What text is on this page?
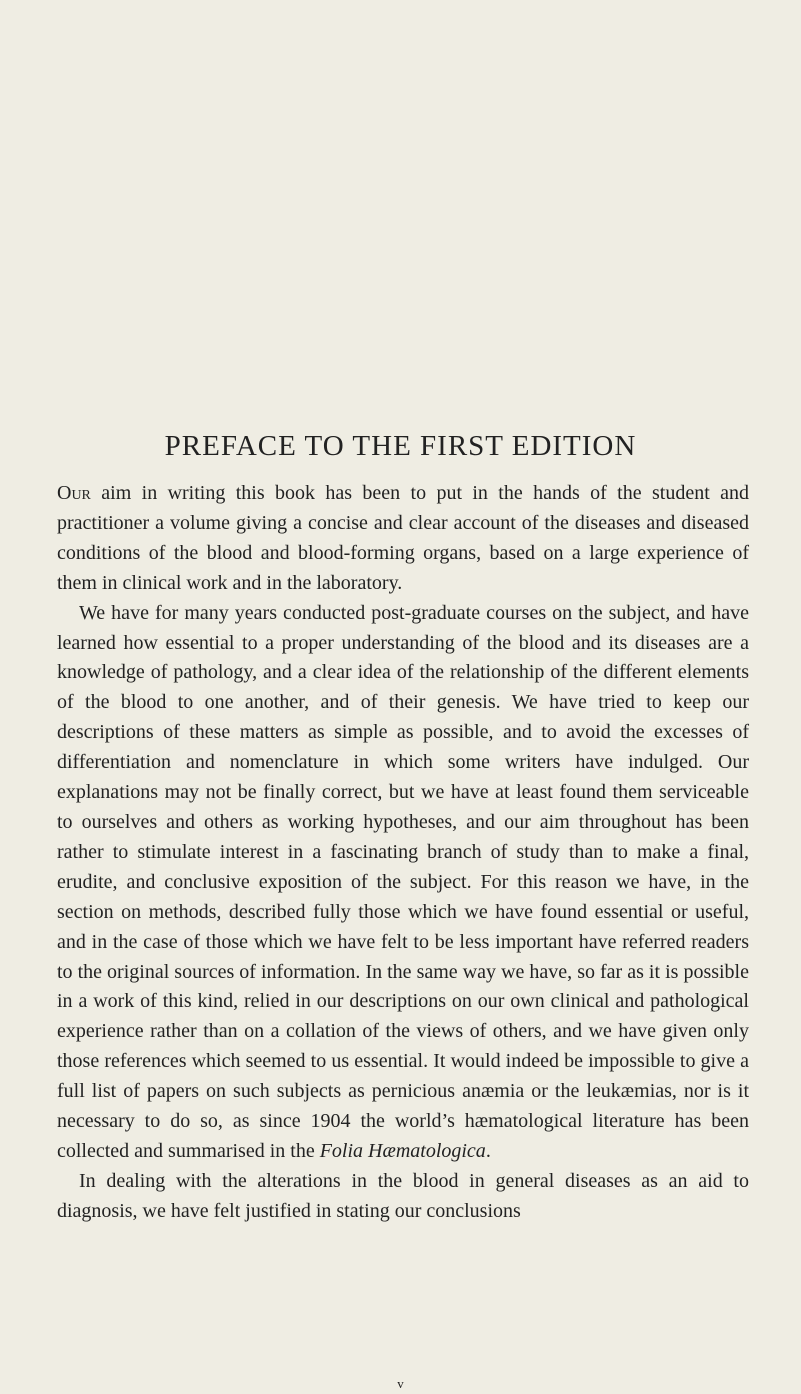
PREFACE TO THE FIRST EDITION

Our aim in writing this book has been to put in the hands of the student and practitioner a volume giving a concise and clear account of the diseases and diseased conditions of the blood and blood-forming organs, based on a large experience of them in clinical work and in the laboratory.

We have for many years conducted post-graduate courses on the subject, and have learned how essential to a proper understanding of the blood and its diseases are a knowledge of pathology, and a clear idea of the relationship of the different elements of the blood to one another, and of their genesis. We have tried to keep our descriptions of these matters as simple as possible, and to avoid the excesses of differentiation and nomenclature in which some writers have indulged. Our explanations may not be finally correct, but we have at least found them serviceable to ourselves and others as working hypotheses, and our aim throughout has been rather to stimulate interest in a fascinating branch of study than to make a final, erudite, and conclusive exposition of the subject. For this reason we have, in the section on methods, described fully those which we have found essential or useful, and in the case of those which we have felt to be less important have referred readers to the original sources of information. In the same way we have, so far as it is possible in a work of this kind, relied in our descriptions on our own clinical and pathological experience rather than on a collation of the views of others, and we have given only those references which seemed to us essential. It would indeed be impossible to give a full list of papers on such subjects as pernicious anæmia or the leukæmias, nor is it necessary to do so, as since 1904 the world’s hæmatological literature has been collected and summarised in the Folia Hæmatologica.

In dealing with the alterations in the blood in general diseases as an aid to diagnosis, we have felt justified in stating our conclusions

v
